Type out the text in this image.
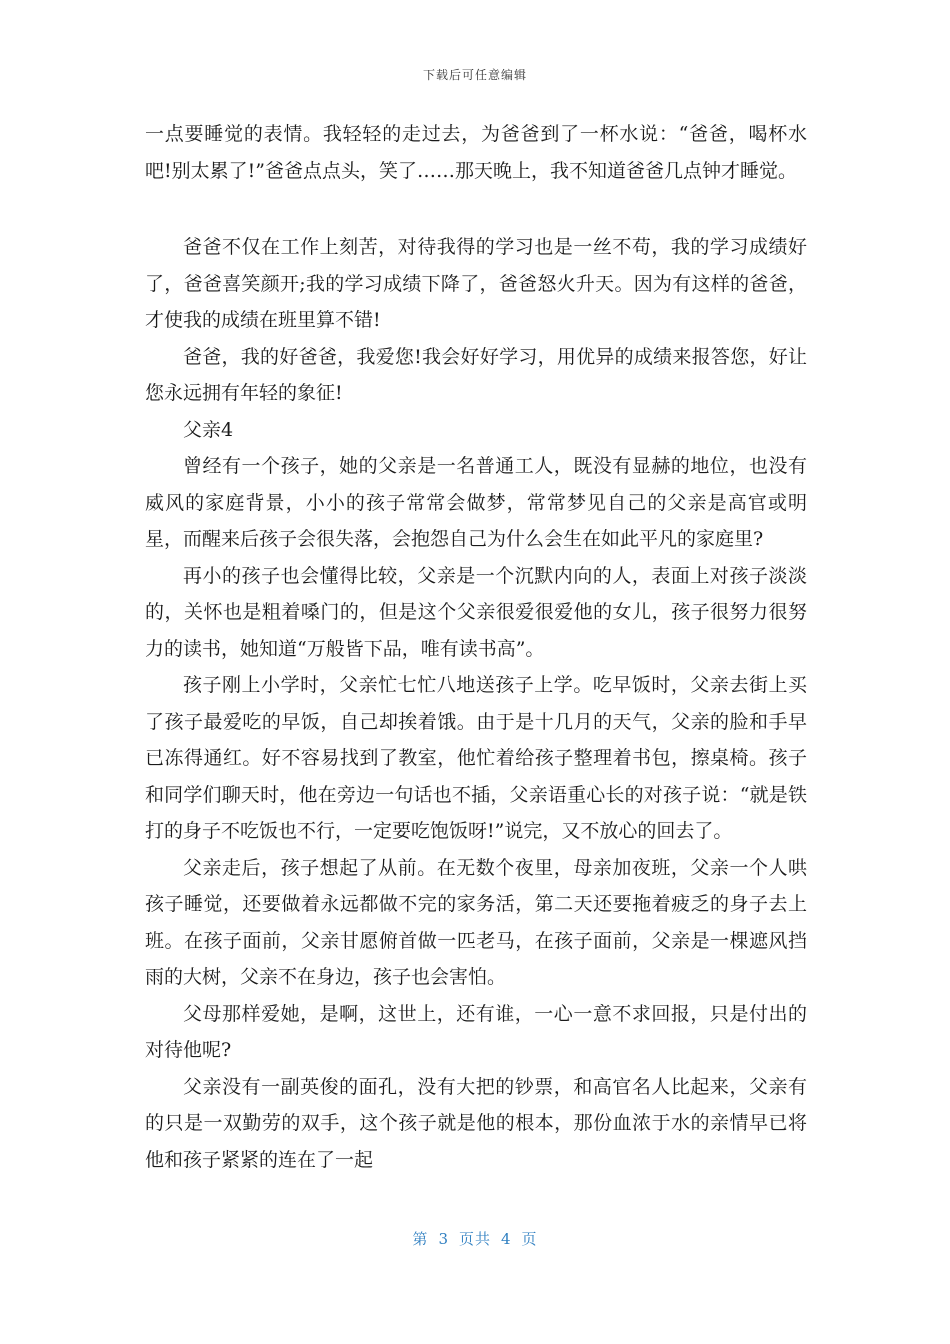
下载后可任意编辑

一点要睡觉的表情。我轻轻的走过去，为爸爸到了一杯水说：“爸爸，喝杯水吧!别太累了!”爸爸点点头，笑了……那天晚上，我不知道爸爸几点钟才睡觉。

爸爸不仅在工作上刻苦，对待我得的学习也是一丝不苟，我的学习成绩好了，爸爸喜笑颜开;我的学习成绩下降了，爸爸怒火升天。因为有这样的爸爸，才使我的成绩在班里算不错!

爸爸，我的好爸爸，我爱您!我会好好学习，用优异的成绩来报答您，好让您永远拥有年轻的象征!

父亲4

曾经有一个孩子，她的父亲是一名普通工人，既没有显赫的地位，也没有威风的家庭背景，小小的孩子常常会做梦，常常梦见自己的父亲是高官或明星，而醒来后孩子会很失落，会抱怨自己为什么会生在如此平凡的家庭里?

再小的孩子也会懂得比较，父亲是一个沉默内向的人，表面上对孩子淡淡的，关怀也是粗着嗓门的，但是这个父亲很爱很爱他的女儿，孩子很努力很努力的读书，她知道“万般皆下品，唯有读书高”。

孩子刚上小学时，父亲忙七忙八地送孩子上学。吃早饭时，父亲去街上买了孩子最爱吃的早饭，自己却挨着饿。由于是十几月的天气，父亲的脸和手早已冻得通红。好不容易找到了教室，他忙着给孩子整理着书包，擦桌椅。孩子和同学们聊天时，他在旁边一句话也不插，父亲语重心长的对孩子说：“就是铁打的身子不吃饭也不行，一定要吃饱饭呀!”说完，又不放心的回去了。

父亲走后，孩子想起了从前。在无数个夜里，母亲加夜班，父亲一个人哄孩子睡觉，还要做着永远都做不完的家务活，第二天还要拖着疲乏的身子去上班。在孩子面前，父亲甘愿俯首做一匹老马，在孩子面前，父亲是一棵遮风挡雨的大树，父亲不在身边，孩子也会害怕。

父母那样爱她，是啊，这世上，还有谁，一心一意不求回报，只是付出的对待他呢?

父亲没有一副英俊的面孔，没有大把的钞票，和高官名人比起来，父亲有的只是一双勤劳的双手，这个孩子就是他的根本，那份血浓于水的亲情早已将他和孩子紧紧的连在了一起

第 3 页共 4 页
